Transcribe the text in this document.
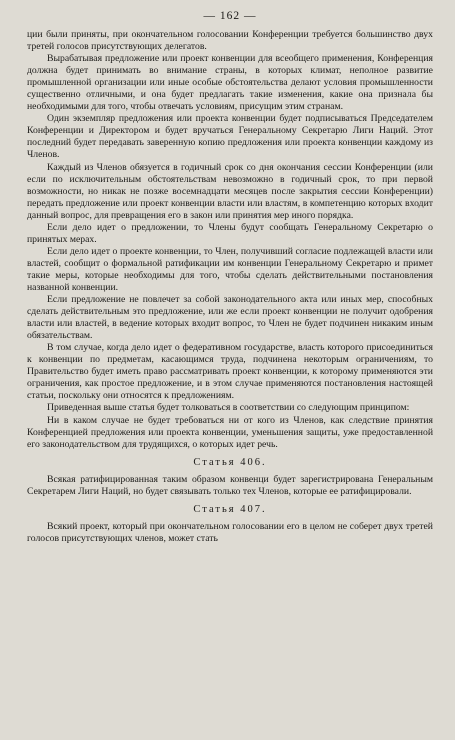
— 162 —

ции были приняты, при окончательном голосовании Конференции требуется большинство двух третей голосов присутствующих делегатов.

Вырабатывая предложение или проект конвенции для всеобщего применения, Конференция должна будет принимать во внимание страны, в которых климат, неполное развитие промышленной организации или иные особые обстоятельства делают условия промышленности существенно отличными, и она будет предлагать такие изменения, какие она признала бы необходимыми для того, чтобы отвечать условиям, присущим этим странам.

Один экземпляр предложения или проекта конвенции будет подписываться Председателем Конференции и Директором и будет вручаться Генеральному Секретарю Лиги Наций. Этот последний будет передавать заверенную копию предложения или проекта конвенции каждому из Членов.

Каждый из Членов обязуется в годичный срок со дня окончания сессии Конференции (или если по исключительным обстоятельствам невозможно в годичный срок, то при первой возможности, но никак не позже восемнадцати месяцев после закрытия сессии Конференции) передать предложение или проект конвенции власти или властям, в компетенцию которых входит данный вопрос, для превращения его в закон или принятия мер иного порядка.

Если дело идет о предложении, то Члены будут сообщать Генеральному Секретарю о принятых мерах.

Если дело идет о проекте конвенции, то Член, получивший согласие подлежащей власти или властей, сообщит о формальной ратификации им конвенции Генеральному Секретарю и примет такие меры, которые необходимы для того, чтобы сделать действительными постановления названной конвенции.

Если предложение не повлечет за собой законодательного акта или иных мер, способных сделать действительным это предложение, или же если проект конвенции не получит одобрения власти или властей, в ведение которых входит вопрос, то Член не будет подчинен никаким иным обязательствам.

В том случае, когда дело идет о федеративном государстве, власть которого присоединиться к конвенции по предметам, касающимся труда, подчинена некоторым ограничениям, то Правительство будет иметь право рассматривать проект конвенции, к которому применяются эти ограничения, как простое предложение, и в этом случае применяются постановления настоящей статьи, поскольку они относятся к предложениям.

Приведенная выше статья будет толковаться в соответствии со следующим принципом:

Ни в каком случае не будет требоваться ни от кого из Членов, как следствие принятия Конференцией предложения или проекта конвенции, уменьшения защиты, уже предоставленной его законодательством для трудящихся, о которых идет речь.

Статья 406.

Всякая ратифицированная таким образом конвенци будет зарегистрирована Генеральным Секретарем Лиги Наций, но будет связывать только тех Членов, которые ее ратифицировали.

Статья 407.

Всякий проект, который при окончательном голосовании его в целом не соберет двух третей голосов присутствующих членов, может стать
